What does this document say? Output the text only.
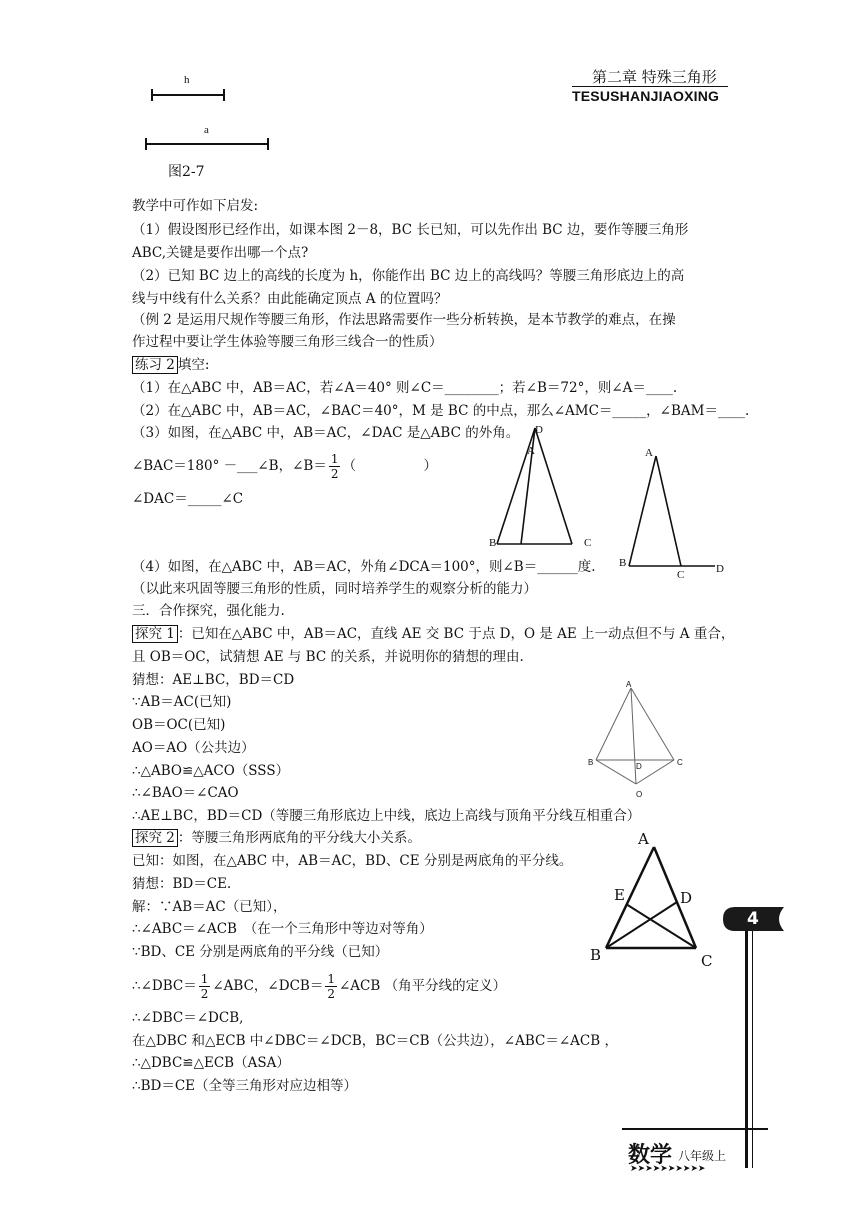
第二章 特殊三角形
TESUSHANJIAOXING
h
a
图2-7
教学中可作如下启发:
（1）假设图形已经作出，如课本图 2－8，BC 长已知，可以先作出 BC 边，要作等腰三角形
ABC,关键是要作出哪一个点?
（2）已知 BC 边上的高线的长度为 h，你能作出 BC 边上的高线吗？等腰三角形底边上的高
线与中线有什么关系？由此能确定顶点 A 的位置吗？
（例 2 是运用尺规作等腰三角形，作法思路需要作一些分析转换，是本节教学的难点，在操
作过程中要让学生体验等腰三角形三线合一的性质）
练习 2 填空:
（1）在△ABC 中，AB＝AC，若∠A＝40° 则∠C＝________；若∠B＝72°，则∠A＝____.
（2）在△ABC 中，AB＝AC，∠BAC＝40°，M 是 BC 的中点，那么∠AMC＝_____，∠BAM＝____.
（3）如图，在△ABC 中，AB＝AC，∠DAC 是△ABC 的外角。
∠BAC＝180° －___∠B，∠B＝ $\frac{1}{2}$ （　　　　　）
∠DAC＝_____∠C
（4）如图，在△ABC 中，AB＝AC，外角∠DCA＝100°，则∠B＝______度.
（以此来巩固等腰三角形的性质，同时培养学生的观察分析的能力）
三．合作探究，强化能力.
探究 1 ：已知在△ABC 中，AB＝AC，直线 AE 交 BC 于点 D，O 是 AE 上一动点但不与 A 重合，
且 OB＝OC，试猜想 AE 与 BC 的关系，并说明你的猜想的理由.
猜想：AE⊥BC，BD＝CD
∵AB＝AC(已知)
OB＝OC(已知)
AO＝AO（公共边）
∴△ABO≌△ACO（SSS）
∴∠BAO＝∠CAO
∴AE⊥BC，BD＝CD（等腰三角形底边上中线，底边上高线与顶角平分线互相重合）
探究 2 ：等腰三角形两底角的平分线大小关系。
已知：如图，在△ABC 中，AB＝AC，BD、CE 分别是两底角的平分线。
猜想：BD＝CE.
解：∵AB＝AC（已知），
∴∠ABC＝∠ACB　（在一个三角形中等边对等角）
∵BD、CE 分别是两底角的平分线（已知）
∴∠DBC＝ $\frac{1}{2}$ ∠ABC，∠DCB＝ $\frac{1}{2}$ ∠ACB （角平分线的定义）
∴∠DBC＝∠DCB,
在△DBC 和△ECB 中∠DBC＝∠DCB，BC＝CB（公共边），∠ABC＝∠ACB ，
∴△DBC≌△ECB（ASA）
∴BD＝CE（全等三角形对应边相等）
D
A
B	C
A
B
C	D
A
B	C
D
O
A
E	D
B	C
4
数学 八年级上
➤➤➤➤➤➤➤➤➤➤
